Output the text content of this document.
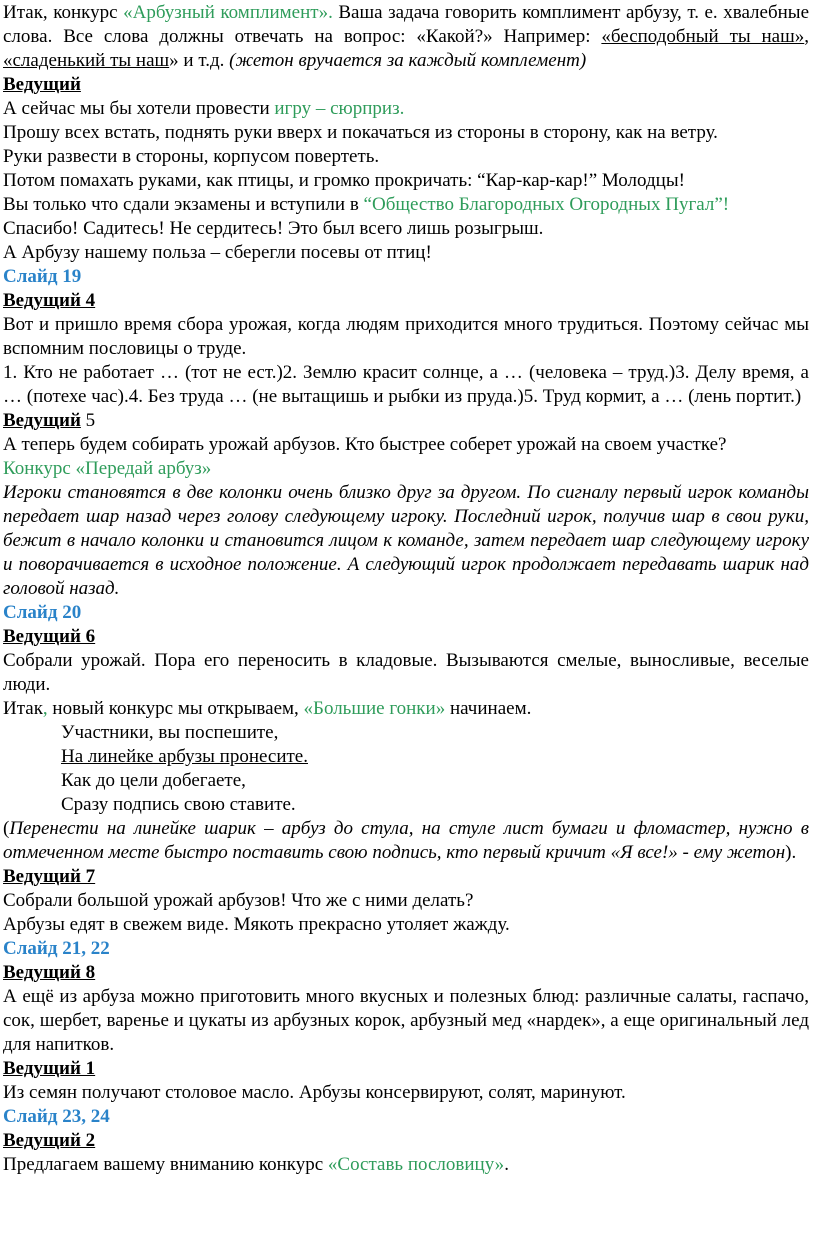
Итак, конкурс «Арбузный комплимент». Ваша задача говорить комплимент арбузу, т. е. хвалебные слова. Все слова должны отвечать на вопрос: «Какой?» Например: «бесподобный ты наш», «сладенький ты наш» и т.д. (жетон вручается за каждый комплемент)

Ведущий

А сейчас мы бы хотели провести игру – сюрприз.

Прошу всех встать, поднять руки вверх и покачаться из стороны в сторону, как на ветру.

Руки развести в стороны, корпусом повертеть.

Потом помахать руками, как птицы, и громко прокричать: “Кар-кар-кар!” Молодцы!

Вы только что сдали экзамены и вступили в “Общество Благородных Огородных Пугал”!

Спасибо! Садитесь! Не сердитесь! Это был всего лишь розыгрыш.

А Арбузу нашему польза – сберегли посевы от птиц!

Слайд 19

Ведущий 4

Вот и пришло время сбора урожая, когда людям приходится много трудиться. Поэтому сейчас мы вспомним пословицы о труде.

1. Кто не работает … (тот не ест.)2. Землю красит солнце, а … (человека – труд.)3. Делу время, а … (потехе час).4. Без труда … (не вытащишь и рыбки из пруда.)5. Труд кормит, а … (лень портит.)

Ведущий 5

А теперь будем собирать урожай арбузов. Кто быстрее соберет урожай на своем участке?

Конкурс «Передай арбуз»

Игроки становятся в две колонки очень близко друг за другом. По сигналу первый игрок команды передает шар назад через голову следующему игроку. Последний игрок, получив шар в свои руки, бежит в начало колонки и становится лицом к команде, затем передает шар следующему игроку и поворачивается в исходное положение. А следующий игрок продолжает передавать шарик над головой назад.

Слайд 20

Ведущий 6

Собрали урожай. Пора его переносить в кладовые. Вызываются смелые, выносливые, веселые люди.

Итак, новый конкурс мы открываем, «Большие гонки» начинаем.

Участники, вы поспешите,

На линейке арбузы пронесите.

Как до цели добегаете,

Сразу подпись свою ставите.

(Перенести на линейке шарик – арбуз до стула, на стуле лист бумаги и фломастер, нужно в отмеченном месте быстро поставить свою подпись, кто первый кричит «Я все!» - ему жетон).

Ведущий 7

Собрали большой урожай арбузов! Что же с ними делать?

Арбузы едят в свежем виде. Мякоть прекрасно утоляет жажду.

Слайд 21, 22

Ведущий 8

А ещё из арбуза можно приготовить много вкусных и полезных блюд: различные салаты, гаспачо, сок, шербет, варенье и цукаты из арбузных корок, арбузный мед «нардек», а еще оригинальный лед для напитков.

Ведущий 1

Из семян получают столовое масло. Арбузы консервируют, солят, маринуют.

Слайд 23, 24

Ведущий 2

Предлагаем вашему вниманию конкурс «Составь пословицу».
